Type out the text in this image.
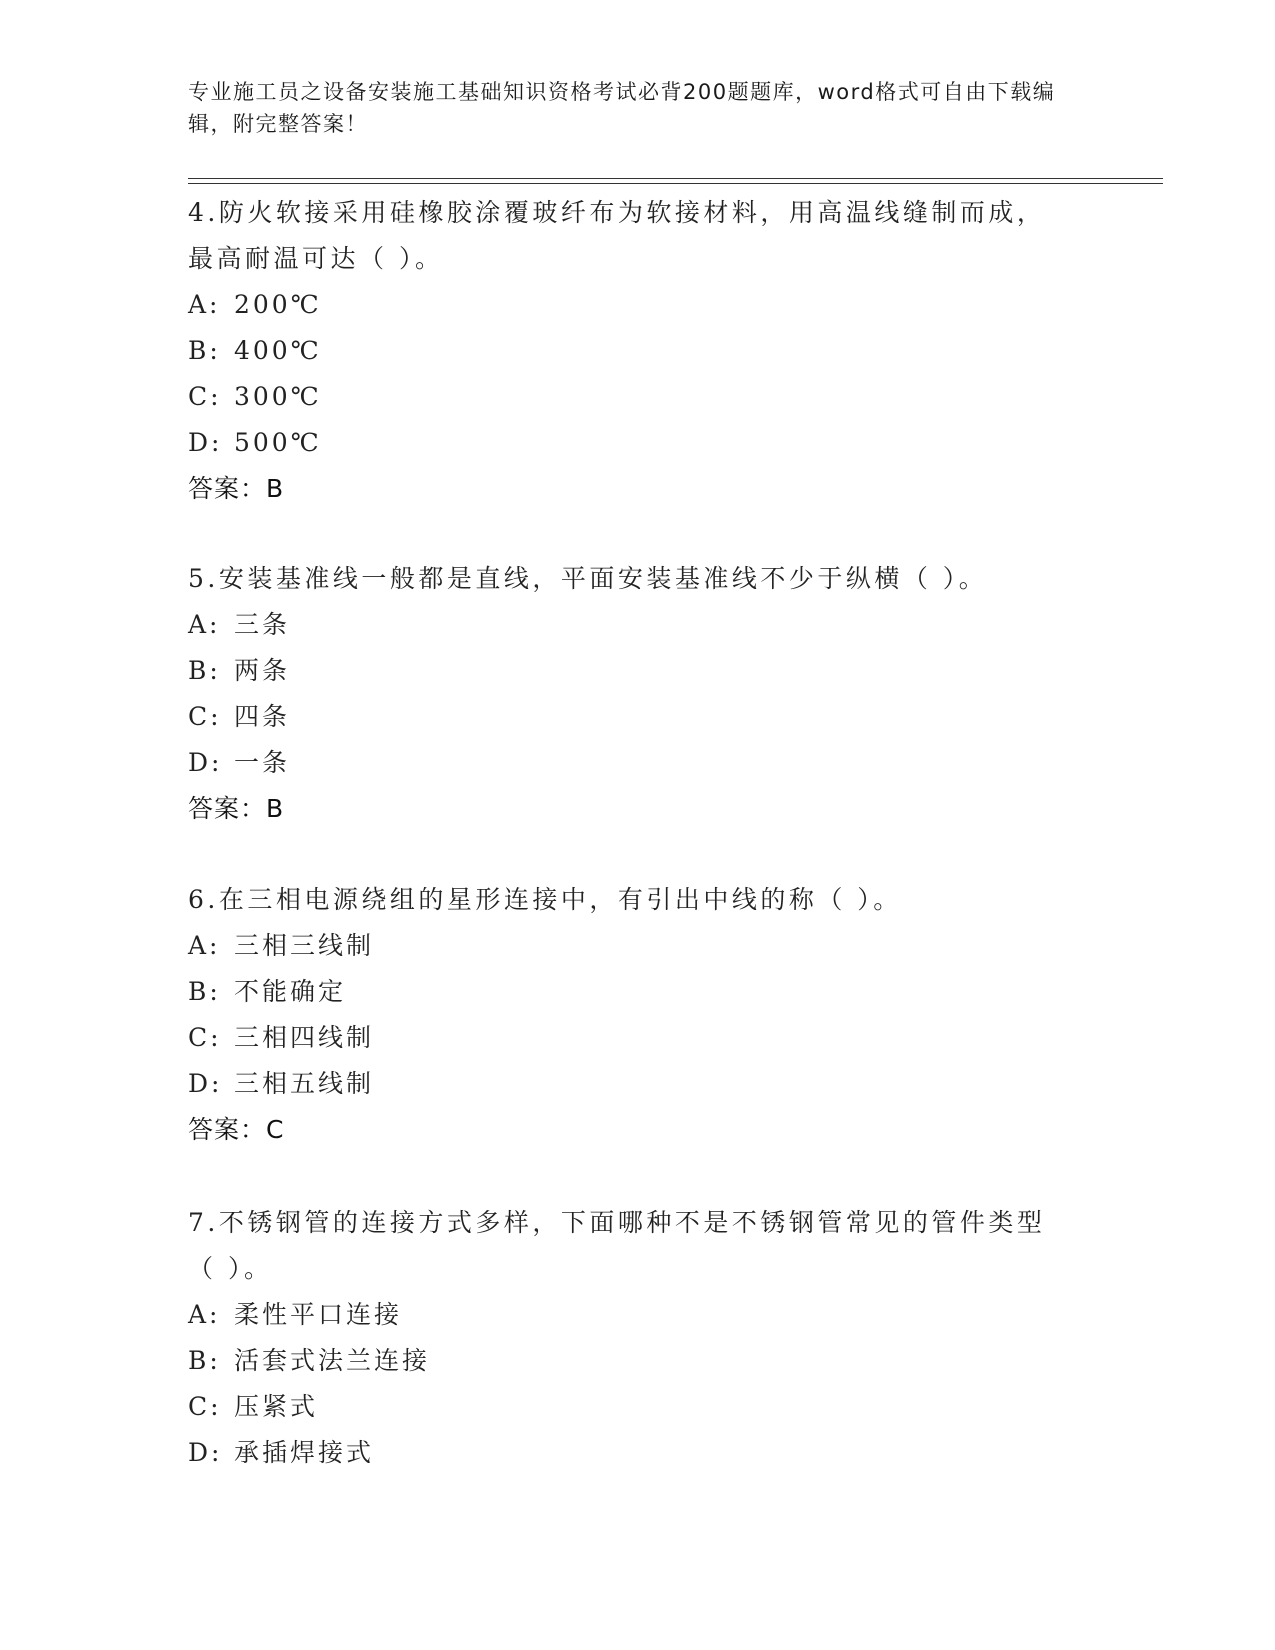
专业施工员之设备安装施工基础知识资格考试必背200题题库，word格式可自由下载编辑，附完整答案！

4.防火软接采用硅橡胶涂覆玻纤布为软接材料，用高温线缝制而成，最高耐温可达（ ）。

A: 200℃
B: 400℃
C: 300℃
D: 500℃
答案：B

5.安装基准线一般都是直线，平面安装基准线不少于纵横（ ）。

A: 三条
B: 两条
C: 四条
D: 一条
答案：B

6.在三相电源绕组的星形连接中，有引出中线的称（ ）。

A: 三相三线制
B: 不能确定
C: 三相四线制
D: 三相五线制
答案：C

7.不锈钢管的连接方式多样，下面哪种不是不锈钢管常见的管件类型（ ）。

A: 柔性平口连接
B: 活套式法兰连接
C: 压紧式
D: 承插焊接式
